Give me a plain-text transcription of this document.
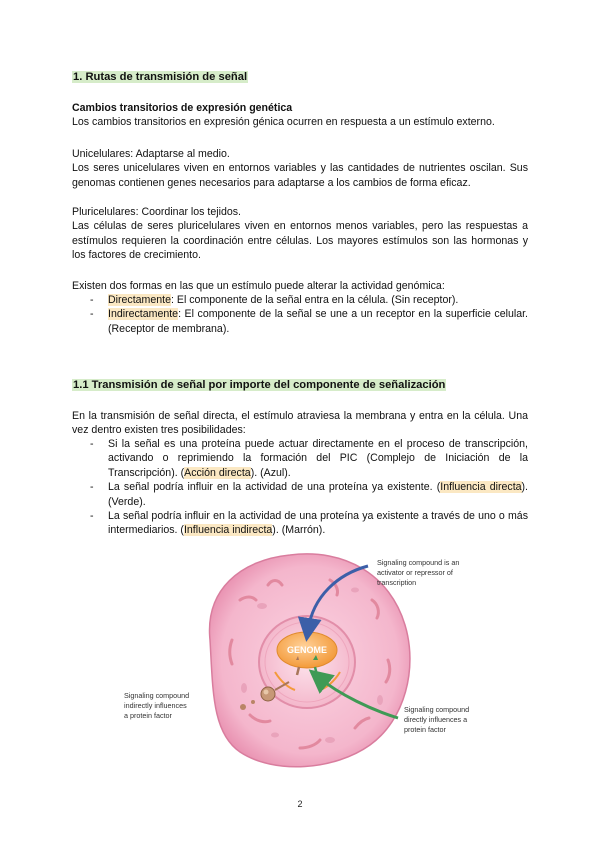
1. Rutas de transmisión de señal
Cambios transitorios de expresión genética
Los cambios transitorios en expresión génica ocurren en respuesta a un estímulo externo.
Unicelulares: Adaptarse al medio.
Los seres unicelulares viven en entornos variables y las cantidades de nutrientes oscilan. Sus genomas contienen genes necesarios para adaptarse a los cambios de forma eficaz.
Pluricelulares: Coordinar los tejidos.
Las células de seres pluricelulares viven en entornos menos variables, pero las respuestas a estímulos requieren la coordinación entre células. Los mayores estímulos son las hormonas y los factores de crecimiento.
Existen dos formas en las que un estímulo puede alterar la actividad genómica:
- Directamente: El componente de la señal entra en la célula. (Sin receptor).
- Indirectamente: El componente de la señal se une a un receptor en la superficie celular. (Receptor de membrana).
1.1 Transmisión de señal por importe del componente de señalización
En la transmisión de señal directa, el estímulo atraviesa la membrana y entra en la célula. Una vez dentro existen tres posibilidades:
- Si la señal es una proteína puede actuar directamente en el proceso de transcripción, activando o reprimiendo la formación del PIC (Complejo de Iniciación de la Transcripción). (Acción directa). (Azul).
- La señal podría influir en la actividad de una proteína ya existente. (Influencia directa). (Verde).
- La señal podría influir en la actividad de una proteína ya existente a través de uno o más intermediarios. (Influencia indirecta). (Marrón).
GENOME
Signaling compound is an activator or repressor of transcription
Signaling compound indirectly influences a protein factor
Signaling compound directly influences a protein factor
2
